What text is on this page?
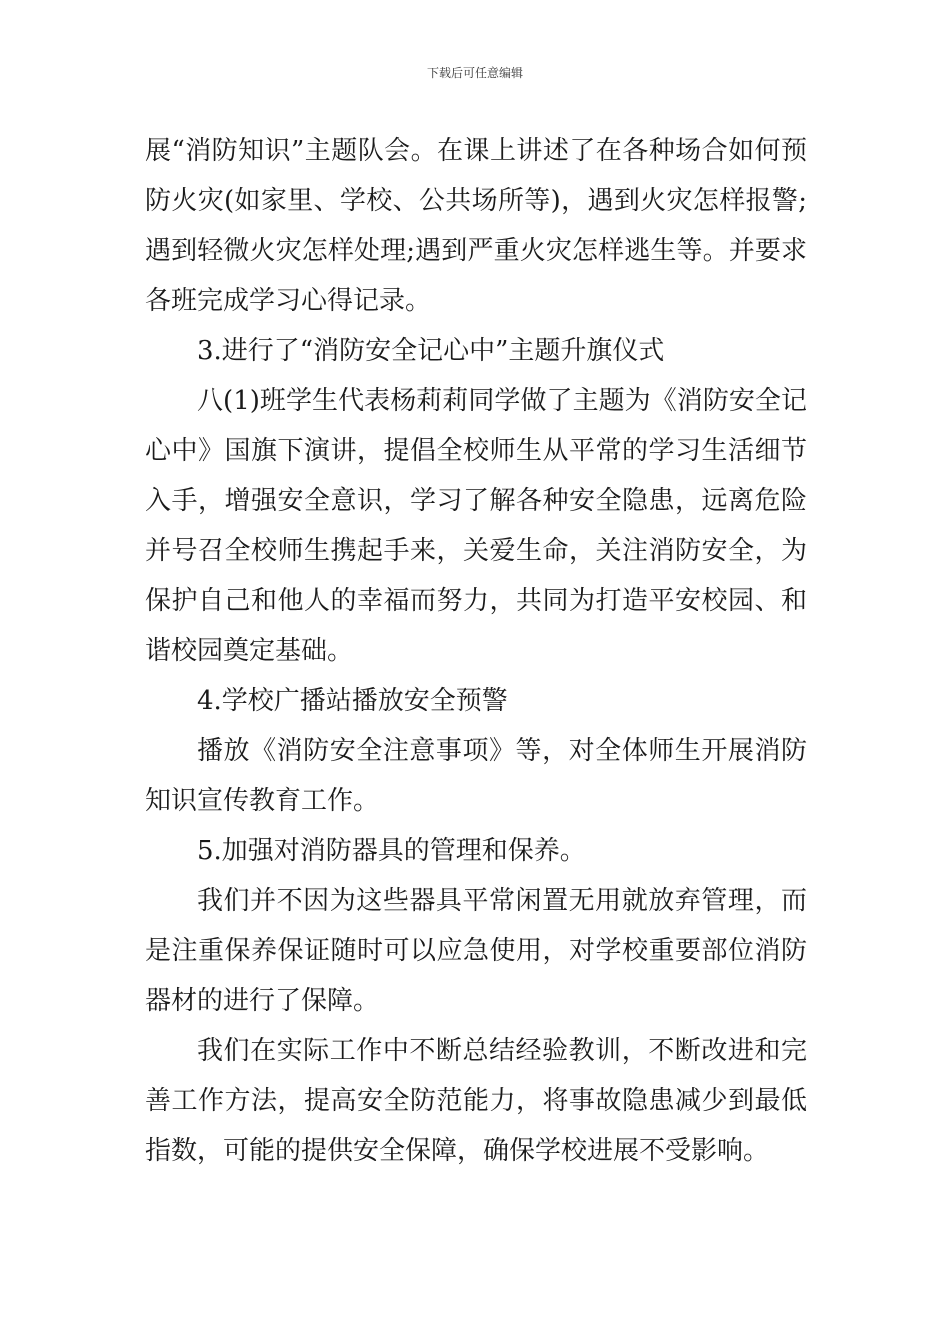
下载后可任意编辑

展“消防知识”主题队会。在课上讲述了在各种场合如何预防火灾(如家里、学校、公共场所等)，遇到火灾怎样报警;遇到轻微火灾怎样处理;遇到严重火灾怎样逃生等。并要求各班完成学习心得记录。

3.进行了“消防安全记心中”主题升旗仪式

八(1)班学生代表杨莉莉同学做了主题为《消防安全记心中》国旗下演讲，提倡全校师生从平常的学习生活细节入手，增强安全意识，学习了解各种安全隐患，远离危险并号召全校师生携起手来，关爱生命，关注消防安全，为保护自己和他人的幸福而努力，共同为打造平安校园、和谐校园奠定基础。

4.学校广播站播放安全预警

播放《消防安全注意事项》等，对全体师生开展消防知识宣传教育工作。

5.加强对消防器具的管理和保养。

我们并不因为这些器具平常闲置无用就放弃管理，而是注重保养保证随时可以应急使用，对学校重要部位消防器材的进行了保障。

我们在实际工作中不断总结经验教训，不断改进和完善工作方法，提高安全防范能力，将事故隐患减少到最低指数，可能的提供安全保障，确保学校进展不受影响。
